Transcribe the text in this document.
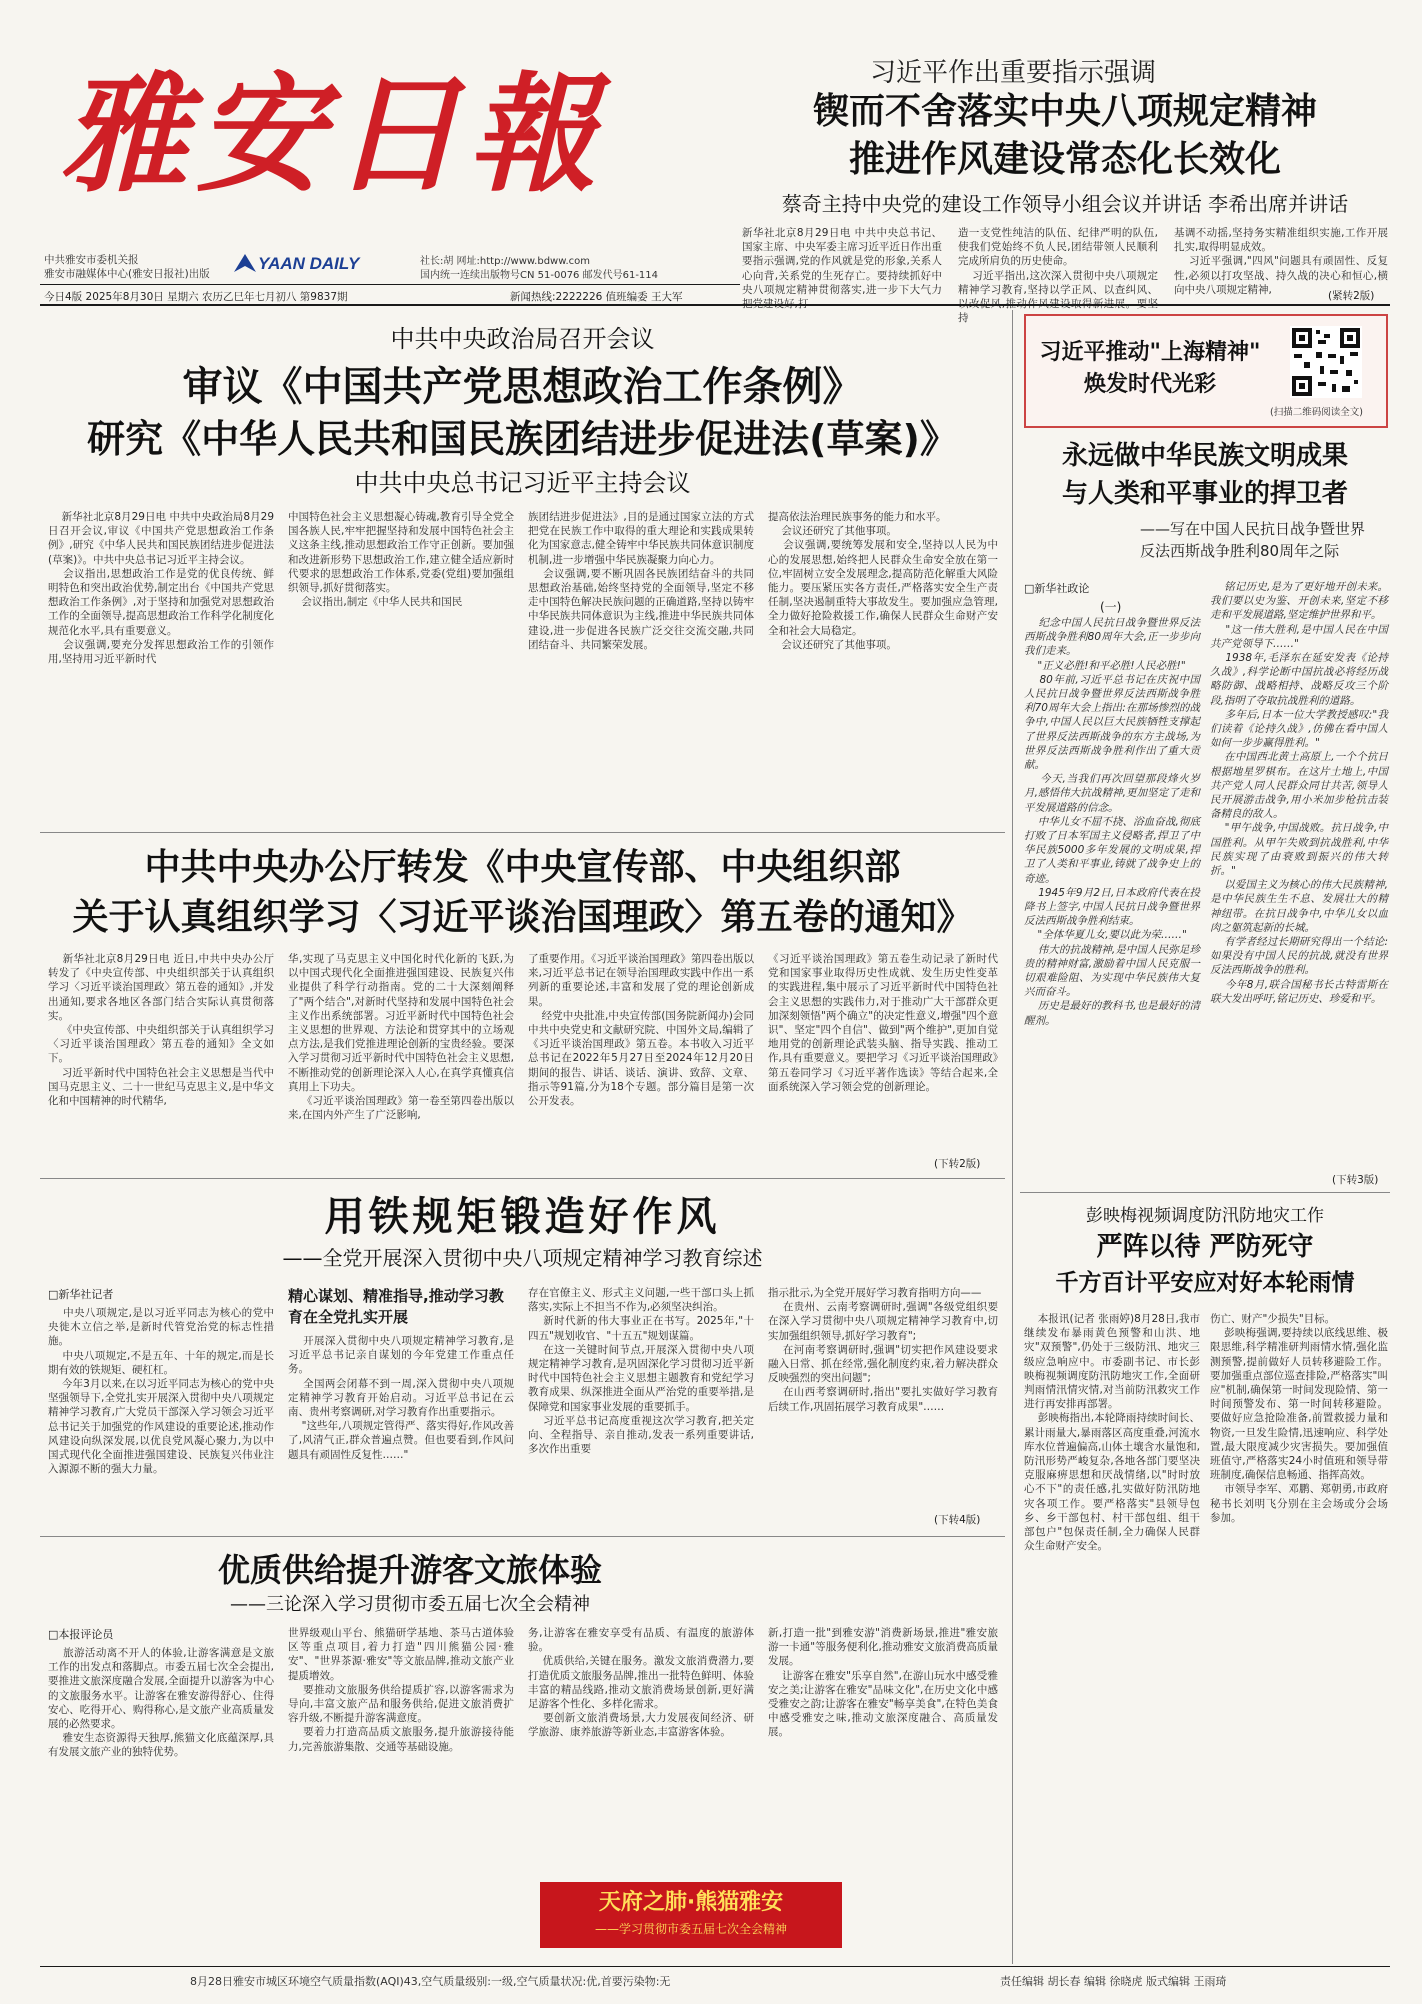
雅安日報
中共雅安市委机关报
雅安市融媒体中心(雅安日报社)出版
YAAN DAILY	社长:胡 网址:http://www.bdww.com
国内统一连续出版物号CN 51-0076 邮发代号61-114
今日4版 2025年8月30日 星期六 农历乙巳年七月初八 第9837期	新闻热线:2222226 值班编委 王大军
习近平作出重要指示强调
锲而不舍落实中央八项规定精神
推进作风建设常态化长效化
蔡奇主持中央党的建设工作领导小组会议并讲话 李希出席并讲话
新华社北京8月29日电 中共中央总书记、国家主席、中央军委主席习近平近日作出重要指示强调,党的作风就是党的形象,关系人心向背,关系党的生死存亡。要持续抓好中央八项规定精神贯彻落实,进一步下大气力
造一支党性纯洁的队伍、纪律严明的队伍,使我们党始终不负人民,团结带领人民顺利完成所肩负的历史使命。
习近平指出,这次深入贯彻中央八项规定精神学习教育,坚持以学正风、以查纠风、 持
基调不动摇,坚持务实精准组织实施,工作开展扎实,取得明显成效。
习近平强调,"四风"问题具有顽固性、反复性,必须以打攻坚战、持久战的决心和恒心,横向中央八项规定精神,
(紧转2版)
中共中央政治局召开会议
审议《中国共产党思想政治工作条例》
研究《中华人民共和国民族团结进步促进法(草案)》
中共中央总书记习近平主持会议
新华社北京8月29日电 中共中央政治局8月29日召开会议,审议《中国共产党思想政治工作条例》,研究《中华人民共和国民族团结进步促进法(草案)》。中共中央总书记习近平主持会议。
会议指出,思想政治工作是党的优良传统、鲜明特色和突出政治优势,制定出台《中国共产党思想政治工作条例》,对于坚持和加强党对思想政治工作的全面领导,提高思想政治工作科学化制度化规范化水平,具有重要意义。
会议强调,要充分发挥思想政治工作的引领作用,坚持用习近平新时代
中国特色社会主义思想凝心铸魂,教育引导全党全国各族人民,牢牢把握坚持和发展中国特色社会主义这条主线,推动思想政治工作守正创新。要加强和改进新形势下思想政治工作,建立健全适应新时代要求的思想政治工作体系,党委(党组)要加强组织领导,抓好贯彻落实。
会议指出,制定《中华人民共和国民
族团结进步促进法》,目的是通过国家立法的方式把党在民族工作中取得的重大理论和实践成果转化为国家意志,健全铸牢中华民族共同体意识制度机制,进一步增强中华民族凝聚力向心力。
会议强调,要不断巩固各民族团结奋斗的共同思想政治基础,始终坚持党的全面领导,坚定不移走中国特色解决民族问题的正确道路,坚持以铸牢中华民族共同体意识为主线,推进中华民族共同体建设,进一步促进各民族广泛交往交流交融,共同团结奋斗、共同繁荣发展。
提高依法治理民族事务的能力和水平。
会议还研究了其他事项。
会议强调,要统筹发展和安全,坚持以人民为中心的发展思想,始终把人民群众生命安全放在第一位,牢固树立安全发展理念,提高防范化解重大风险能力。要压紧压实各方责任,严格落实安全生产责任制,坚决遏制重特大事故发生。要加强应急管理,全力做好抢险救援工作,确保人民群众生命财产安全和社会大局稳定。
会议还研究了其他事项。
中共中央办公厅转发《中央宣传部、中央组织部
关于认真组织学习〈习近平谈治国理政〉第五卷的通知》
新华社北京8月29日电 近日,中共中央办公厅转发了《中央宣传部、中央组织部关于认真组织学习〈习近平谈治国理政〉第五卷的通知》,并发出通知,要求各地区各部门结合实际认真贯彻落实。
《中央宣传部、中央组织部关于认真组织学习〈习近平谈治国理政〉第五卷的通知》全文如下。
习近平新时代中国特色社会主义思想是当代中国马克思主义、二十一世纪马克思主义,是中华文化和中国精神的时代精华,
华,实现了马克思主义中国化时代化新的飞跃,为以中国式现代化全面推进强国建设、民族复兴伟业提供了科学行动指南。党的二十大深刻阐释了"两个结合",对新时代坚持和发展中国特色社会主义作出系统部署。习近平新时代中国特色社会主义思想的世界观、方法论和贯穿其中的立场观点方法,是我们党推进理论创新的宝贵经验。要深入学习贯彻习近平新时代中国特色社会主义思想,不断推动党的创新理论深入人心,在真学真懂真信真用上下功夫。
《习近平谈治国理政》第一卷至第四卷出版以来,在国内外产生了广泛影响,
了重要作用。《习近平谈治国理政》第四卷出版以来,习近平总书记在领导治国理政实践中作出一系列新的重要论述,丰富和发展了党的理论创新成果。
经党中央批准,中央宣传部(国务院新闻办)会同中共中央党史和文献研究院、中国外文局,编辑了《习近平谈治国理政》第五卷。本书收入习近平总书记在2022年5月27日至2024年12月20日期间的报告、讲话、谈话、演讲、致辞、文章、指示等91篇,分为18个专题。部分篇目是第一次公开发表。
《习近平谈治国理政》第五卷生动记录了新时代党和国家事业取得历史性成就、发生历史性变革的实践进程,集中展示了习近平新时代中国特色社会主义思想的实践伟力,对于推动广大干部群众更加深刻领悟"两个确立"的决定性意义,增强"四个意识"、坚定"四个自信"、做到"两个维护",更加自觉地用党的创新理论武装头脑、指导实践、推动工作,具有重要意义。要把学习《习近平谈治国理政》第五卷同学习《习近平著作选读》等结合起来,全面系统深入学习领会党的创新理论。
(下转2版)
用铁规矩锻造好作风
——全党开展深入贯彻中央八项规定精神学习教育综述
□新华社记者
中央八项规定,是以习近平同志为核心的党中央徙木立信之举,是新时代管党治党的标志性措施。
中央八项规定,不是五年、十年的规定,而是长期有效的铁规矩、硬杠杠。
今年3月以来,在以习近平同志为核心的党中央坚强领导下,全党扎实开展深入贯彻中央八项规定精神学习教育,广大党员干部深入学习领会习近平总书记关于加强党的作风建设的重要论述,推动作风建设向纵深发展,以优良党风凝心聚力,为以中国式现代化全面推进强国建设、民族复兴伟业注入源源不断的强大力量。
精心谋划、精准指导,推动学习教育在全党扎实开展
开展深入贯彻中央八项规定精神学习教育,是习近平总书记亲自谋划的今年党建工作重点任务。
全国两会闭幕不到一周,深入贯彻中央八项规定精神学习教育开始启动。习近平总书记在云南、贵州考察调研,对学习教育作出重要指示。
"这些年,八项规定管得严、落实得好,作风改善了,风清气正,群众普遍点赞。但也要看到,作风问题具有顽固性反复性……"
存在官僚主义、形式主义问题,一些干部口头上抓落实,实际上不担当不作为,必须坚决纠治。
新时代新的伟大事业正在书写。2025年,"十四五"规划收官、"十五五"规划谋篇。
在这一关键时间节点,开展深入贯彻中央八项规定精神学习教育,是巩固深化学习贯彻习近平新时代中国特色社会主义思想主题教育和党纪学习教育成果、纵深推进全面从严治党的重要举措,是保障党和国家事业发展的重要抓手。
习近平总书记高度重视这次学习教育,把关定向、全程指导、亲自推动,发表一系列重要讲话,多次作出重要
指示批示,为全党开展好学习教育指明方向——
在贵州、云南考察调研时,强调"各级党组织要在深入学习贯彻中央八项规定精神学习教育中,切实加强组织领导,抓好学习教育";
在河南考察调研时,强调"切实把作风建设要求融入日常、抓在经常,强化制度约束,着力解决群众反映强烈的突出问题";
在山西考察调研时,指出"要扎实做好学习教育后续工作,巩固拓展学习教育成果"……
(下转4版)
优质供给提升游客文旅体验
——三论深入学习贯彻市委五届七次全会精神
□本报评论员
旅游活动离不开人的体验,让游客满意是文旅工作的出发点和落脚点。市委五届七次全会提出,要推进文旅深度融合发展,全面提升以游客为中心的文旅服务水平。让游客在雅安游得舒心、住得安心、吃得开心、购得称心,是文旅产业高质量发展的必然要求。
雅安生态资源得天独厚,熊猫文化底蕴深厚,具有发展文旅产业的独特优势。
世界级观山平台、熊猫研学基地、茶马古道体验区等重点项目,着力打造"四川熊猫公园·雅安"、"世界茶源·雅安"等文旅品牌,推动文旅产业提质增效。
要推动文旅服务供给提质扩容,以游客需求为导向,丰富文旅产品和服务供给,促进文旅消费扩容升级,不断提升游客满意度。
要着力打造高品质文旅服务,提升旅游接待能力,完善旅游集散、交通等基础设施。
务,让游客在雅安享受有品质、有温度的旅游体验。
优质供给,关键在服务。激发文旅消费潜力,要打造优质文旅服务品牌,推出一批特色鲜明、体验丰富的精品线路,推动文旅消费场景创新,更好满足游客个性化、多样化需求。
要创新文旅消费场景,大力发展夜间经济、研学旅游、康养旅游等新业态,丰富游客体验。
新,打造一批"到雅安游"消费新场景,推进"雅安旅游一卡通"等服务便利化,推动雅安文旅消费高质量发展。
让游客在雅安"乐享自然",在游山玩水中感受雅安之美;让游客在雅安"品味文化",在历史文化中感受雅安之韵;让游客在雅安"畅享美食",在特色美食中感受雅安之味,推动文旅深度融合、高质量发展。
天府之肺·熊猫雅安
——学习贯彻市委五届七次全会精神
习近平推动"上海精神"
焕发时代光彩
(扫描二维码阅读全文)
永远做中华民族文明成果
与人类和平事业的捍卫者
——写在中国人民抗日战争暨世界
反法西斯战争胜利80周年之际
□新华社政论
(一)
纪念中国人民抗日战争暨世界反法西斯战争胜利80周年大会,正一步步向我们走来。
"正义必胜!和平必胜!人民必胜!"
80年前,习近平总书记在庆祝中国人民抗日战争暨世界反法西斯战争胜利70周年大会上指出:在那场惨烈的战争中,中国人民以巨大民族牺牲支撑起了世界反法西斯战争的东方主战场,为世界反法西斯战争胜利作出了重大贡献。
今天,当我们再次回望那段烽火岁月,感悟伟大抗战精神,更加坚定了走和平发展道路的信念。
中华儿女不屈不挠、浴血奋战,彻底打败了日本军国主义侵略者,捍卫了中华民族5000多年发展的文明成果,捍卫了人类和平事业,铸就了战争史上的奇迹。
1945年9月2日,日本政府代表在投降书上签字,中国人民抗日战争暨世界反法西斯战争胜利结束。
"全体华夏儿女,要以此为荣……"
伟大的抗战精神,是中国人民弥足珍贵的精神财富,激励着中国人民克服一切艰难险阻、为实现中华民族伟大复兴而奋斗。
历史是最好的教科书,也是最好的清醒剂。
铭记历史,是为了更好地开创未来。我们要以史为鉴、开创未来,坚定不移走和平发展道路,坚定维护世界和平。
"这一伟大胜利,是中国人民在中国共产党领导下……"
1938年,毛泽东在延安发表《论持久战》,科学论断中国抗战必将经历战略防御、战略相持、战略反攻三个阶段,指明了夺取抗战胜利的道路。
多年后,日本一位大学教授感叹:"我们读着《论持久战》,仿佛在看中国人如何一步步赢得胜利。"
在中国西北黄土高原上,一个个抗日根据地星罗棋布。在这片土地上,中国共产党人同人民群众同甘共苦,领导人民开展游击战争,用小米加步枪抗击装备精良的敌人。
"甲午战争,中国战败。抗日战争,中国胜利。从甲午失败到抗战胜利,中华民族实现了由衰败到振兴的伟大转折。"
以爱国主义为核心的伟大民族精神,是中华民族生生不息、发展壮大的精神纽带。在抗日战争中,中华儿女以血肉之躯筑起新的长城。
有学者经过长期研究得出一个结论:如果没有中国人民的抗战,就没有世界反法西斯战争的胜利。
今年8月,联合国秘书长古特雷斯在联大发出呼吁,铭记历史、珍爱和平。
(下转3版)
彭映梅视频调度防汛防地灾工作
严阵以待 严防死守
千方百计平安应对好本轮雨情
本报讯(记者 张雨婷)8月28日,我市继续发布暴雨黄色预警和山洪、地灾"双预警",仍处于三级防汛、地灾三级应急响应中。市委副书记、市长彭映梅视频调度防汛防地灾工作,全面研判雨情汛情灾情,对当前防汛救灾工作进行再安排再部署。
彭映梅指出,本轮降雨持续时间长、累计雨量大,暴雨落区高度重叠,河流水库水位普遍偏高,山体土壤含水量饱和,防汛形势严峻复杂,各地各部门要坚决克服麻痹思想和厌战情绪,以"时时放心不下"的责任感,扎实做好防汛防地灾各项工作。要严格落实"县领导包乡、乡干部包村、村干部包组、组干部包户"包保责任制,全力确保人民群众生命财产安全。
伤亡、财产"少损失"目标。
彭映梅强调,要持续以底线思维、极限思维,科学精准研判雨情水情,强化监测预警,提前做好人员转移避险工作。要加强重点部位巡查排险,严格落实"叫应"机制,确保第一时间发现险情、第一时间预警发布、第一时间转移避险。要做好应急抢险准备,前置救援力量和物资,一旦发生险情,迅速响应、科学处置,最大限度减少灾害损失。要加强值班值守,严格落实24小时值班和领导带班制度,确保信息畅通、指挥高效。
市领导李军、邓鹏、郑朝勇,市政府秘书长刘明飞分别在主会场或分会场参加。
8月28日雅安市城区环境空气质量指数(AQI)43,空气质量级别:一级,空气质量状况:优,首要污染物:无	责任编辑 胡长春 编辑 徐晓虎 版式编辑 王雨琦
